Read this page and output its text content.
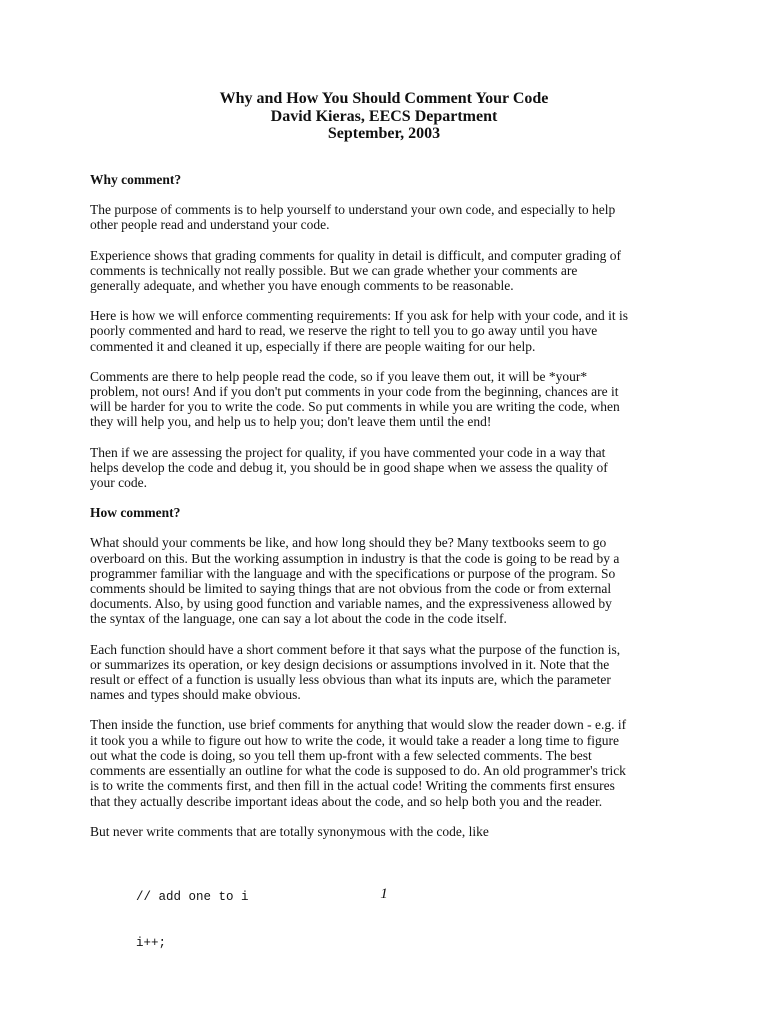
Why and How You Should Comment Your Code
David Kieras, EECS Department
September, 2003

Why comment?

The purpose of comments is to help yourself to understand your own code, and especially to help
other people read and understand your code.

Experience shows that grading comments for quality in detail is difficult, and computer grading of
comments is technically not really possible. But we can grade whether your comments are
generally adequate, and whether you have enough comments to be reasonable.

Here is how we will enforce commenting requirements: If you ask for help with your code, and it is
poorly commented and hard to read, we reserve the right to tell you to go away until you have
commented it and cleaned it up, especially if there are people waiting for our help.

Comments are there to help people read the code, so if you leave them out, it will be *your*
problem, not ours! And if you don't put comments in your code from the beginning, chances are it
will be harder for you to write the code. So put comments in while you are writing the code, when
they will help you, and help us to help you; don't leave them until the end!

Then if we are assessing the project for quality, if you have commented your code in a way that
helps develop the code and debug it, you should be in good shape when we assess the quality of
your code.

How comment?

What should your comments be like, and how long should they be? Many textbooks seem to go
overboard on this. But the working assumption in industry is that the code is going to be read by a
programmer familiar with the language and with the specifications or purpose of the program. So
comments should be limited to saying things that are not obvious from the code or from external
documents. Also, by using good function and variable names, and the expressiveness allowed by
the syntax of the language, one can say a lot about the code in the code itself.

Each function should have a short comment before it that says what the purpose of the function is,
or summarizes its operation, or key design decisions or assumptions involved in it. Note that the
result or effect of a function is usually less obvious than what its inputs are, which the parameter
names and types should make obvious.

Then inside the function, use brief comments for anything that would slow the reader down - e.g. if
it took you a while to figure out how to write the code, it would take a reader a long time to figure
out what the code is doing, so you tell them up-front with a few selected comments. The best
comments are essentially an outline for what the code is supposed to do. An old programmer's trick
is to write the comments first, and then fill in the actual code! Writing the comments first ensures
that they actually describe important ideas about the code, and so help both you and the reader.

But never write comments that are totally synonymous with the code, like

// add one to i

i++;

1
